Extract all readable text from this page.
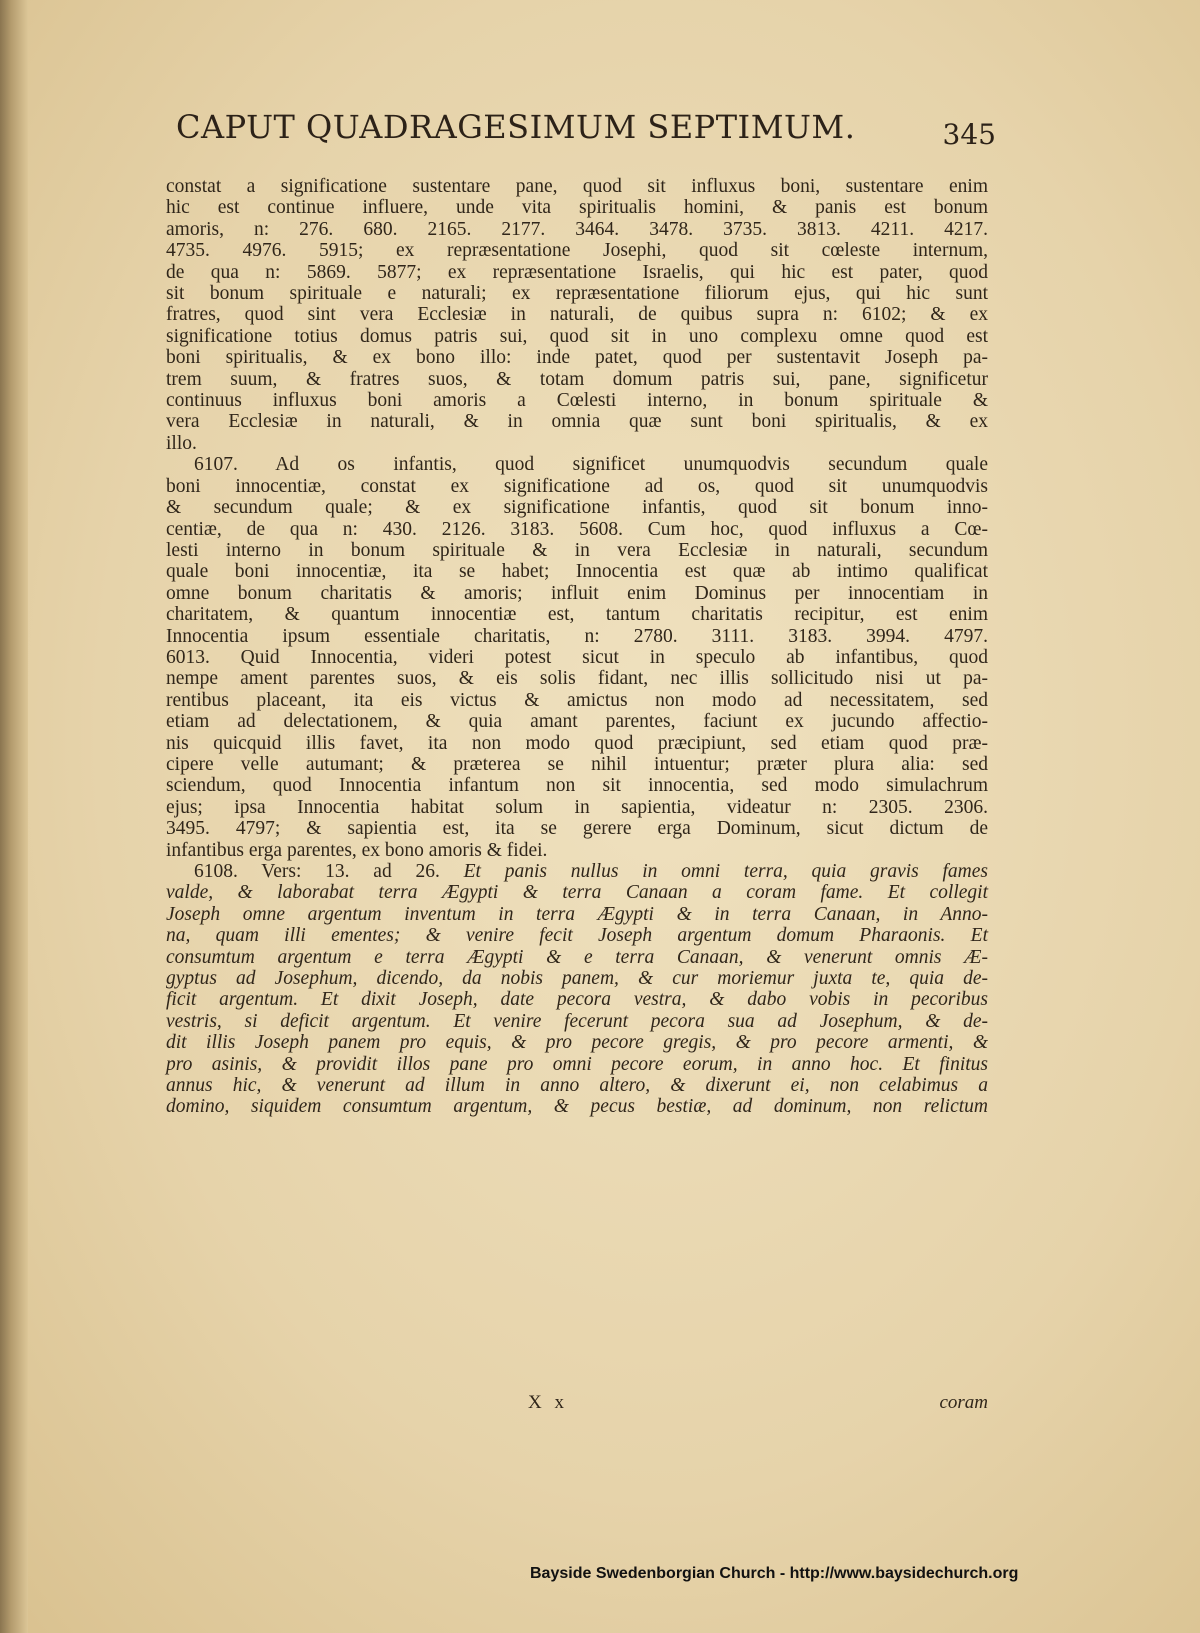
CAPUT QUADRAGESIMUM SEPTIMUM.	345
constat a significatione sustentare pane, quod sit influxus boni, sustentare enim
hic est continue influere, unde vita spiritualis homini, & panis est bonum
amoris, n: 276. 680. 2165. 2177. 3464. 3478. 3735. 3813. 4211. 4217.
4735. 4976. 5915; ex repræsentatione Josephi, quod sit cœleste internum,
de qua n: 5869. 5877; ex repræsentatione Israelis, qui hic est pater, quod
sit bonum spirituale e naturali; ex repræsentatione filiorum ejus, qui hic sunt
fratres, quod sint vera Ecclesiæ in naturali, de quibus supra n: 6102; & ex
significatione totius domus patris sui, quod sit in uno complexu omne quod est
boni spiritualis, & ex bono illo: inde patet, quod per sustentavit Joseph pa-
trem suum, & fratres suos, & totam domum patris sui, pane, significetur
continuus influxus boni amoris a Cœlesti interno, in bonum spirituale &
vera Ecclesiæ in naturali, & in omnia quæ sunt boni spiritualis, & ex
illo.
6107. Ad os infantis, quod significet unumquodvis secundum quale
boni innocentiæ, constat ex significatione ad os, quod sit unumquodvis
& secundum quale; & ex significatione infantis, quod sit bonum inno-
centiæ, de qua n: 430. 2126. 3183. 5608. Cum hoc, quod influxus a Cœ-
lesti interno in bonum spirituale & in vera Ecclesiæ in naturali, secundum
quale boni innocentiæ, ita se habet; Innocentia est quæ ab intimo qualificat
omne bonum charitatis & amoris; influit enim Dominus per innocentiam in
charitatem, & quantum innocentiæ est, tantum charitatis recipitur, est enim
Innocentia ipsum essentiale charitatis, n: 2780. 3111. 3183. 3994. 4797.
6013. Quid Innocentia, videri potest sicut in speculo ab infantibus, quod
nempe ament parentes suos, & eis solis fidant, nec illis sollicitudo nisi ut pa-
rentibus placeant, ita eis victus & amictus non modo ad necessitatem, sed
etiam ad delectationem, & quia amant parentes, faciunt ex jucundo affectio-
nis quicquid illis favet, ita non modo quod præcipiunt, sed etiam quod præ-
cipere velle autumant; & præterea se nihil intuentur; præter plura alia: sed
sciendum, quod Innocentia infantum non sit innocentia, sed modo simulachrum
ejus; ipsa Innocentia habitat solum in sapientia, videatur n: 2305. 2306.
3495. 4797; & sapientia est, ita se gerere erga Dominum, sicut dictum de
infantibus erga parentes, ex bono amoris & fidei.
6108. Vers: 13. ad 26. Et panis nullus in omni terra, quia gravis fames
valde, & laborabat terra Ægypti & terra Canaan a coram fame. Et collegit
Joseph omne argentum inventum in terra Ægypti & in terra Canaan, in Anno-
na, quam illi ementes; & venire fecit Joseph argentum domum Pharaonis. Et
consumtum argentum e terra Ægypti & e terra Canaan, & venerunt omnis Æ-
gyptus ad Josephum, dicendo, da nobis panem, & cur moriemur juxta te, quia de-
ficit argentum. Et dixit Joseph, date pecora vestra, & dabo vobis in pecoribus
vestris, si deficit argentum. Et venire fecerunt pecora sua ad Josephum, & de-
dit illis Joseph panem pro equis, & pro pecore gregis, & pro pecore armenti, &
pro asinis, & providit illos pane pro omni pecore eorum, in anno hoc. Et finitus
annus hic, & venerunt ad illum in anno altero, & dixerunt ei, non celabimus a
domino, siquidem consumtum argentum, & pecus bestiæ, ad dominum, non relictum
X x	coram
Bayside Swedenborgian Church - http://www.baysidechurch.org
